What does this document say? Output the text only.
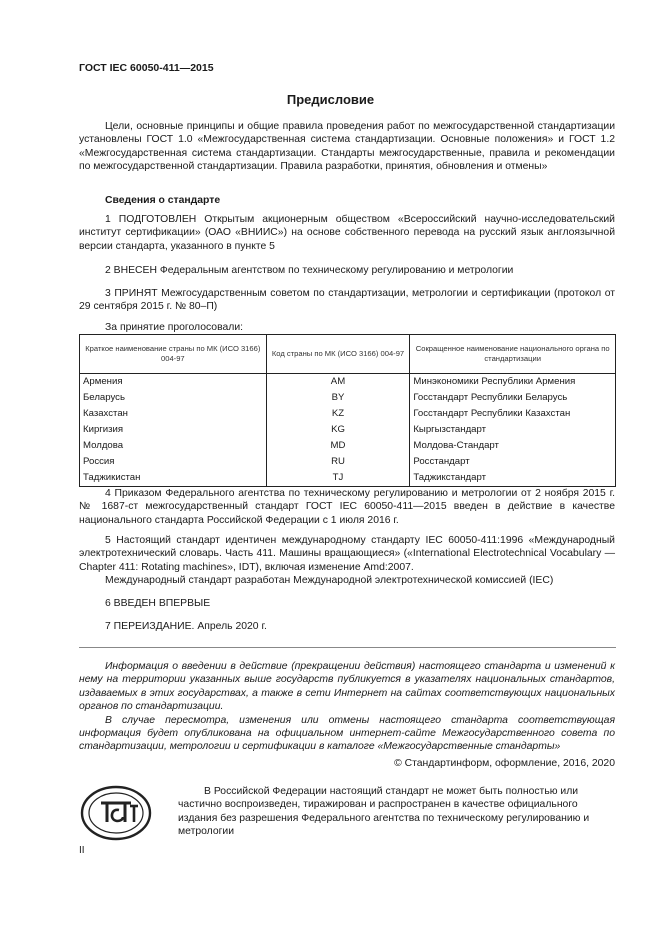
ГОСТ IEC 60050-411—2015
Предисловие

Цели, основные принципы и общие правила проведения работ по межгосударственной стандартизации установлены ГОСТ 1.0 «Межгосударственная система стандартизации. Основные положения» и ГОСТ 1.2 «Межгосударственная система стандартизации. Стандарты межгосударственные, правила и рекомендации по межгосударственной стандартизации. Правила разработки, принятия, обновления и отмены»

Сведения о стандарте

1 ПОДГОТОВЛЕН Открытым акционерным обществом «Всероссийский научно-исследовательский институт сертификации» (ОАО «ВНИИС») на основе собственного перевода на русский язык англоязычной версии стандарта, указанного в пункте 5

2 ВНЕСЕН Федеральным агентством по техническому регулированию и метрологии

3 ПРИНЯТ Межгосударственным советом по стандартизации, метрологии и сертификации (протокол от 29 сентября 2015 г. № 80–П)

За принятие проголосовали:

Краткое наименование страны по МК (ИСО 3166) 004-97	Код страны по МК (ИСО 3166) 004-97	Сокращенное наименование национального органа по стандартизации
Армения	AM	Минэкономики Республики Армения
Беларусь	BY	Госстандарт Республики Беларусь
Казахстан	KZ	Госстандарт Республики Казахстан
Киргизия	KG	Кыргызстандарт
Молдова	MD	Молдова-Стандарт
Россия	RU	Росстандарт
Таджикистан	TJ	Таджикстандарт

4 Приказом Федерального агентства по техническому регулированию и метрологии от 2 ноября 2015 г. № 1687-ст межгосударственный стандарт ГОСТ IEC 60050-411—2015 введен в действие в качестве национального стандарта Российской Федерации с 1 июля 2016 г.

5 Настоящий стандарт идентичен международному стандарту IEC 60050-411:1996 «Международный электротехнический словарь. Часть 411. Машины вращающиеся» («International Electrotechnical Vocabulary — Chapter 411: Rotating machines», IDT), включая изменение Amd:2007.

Международный стандарт разработан Международной электротехнической комиссией (IEC)

6 ВВЕДЕН ВПЕРВЫЕ

7 ПЕРЕИЗДАНИЕ. Апрель 2020 г.

Информация о введении в действие (прекращении действия) настоящего стандарта и изменений к нему на территории указанных выше государств публикуется в указателях национальных стандартов, издаваемых в этих государствах, а также в сети Интернет на сайтах соответствующих национальных органов по стандартизации.

В случае пересмотра, изменения или отмены настоящего стандарта соответствующая информация будет опубликована на официальном интернет-сайте Межгосударственного совета по стандартизации, метрологии и сертификации в каталоге «Межгосударственные стандарты»

© Стандартинформ, оформление, 2016, 2020

В Российской Федерации настоящий стандарт не может быть полностью или частично воспроизведен, тиражирован и распространен в качестве официального издания без разрешения Федерального агентства по техническому регулированию и метрологии

II
